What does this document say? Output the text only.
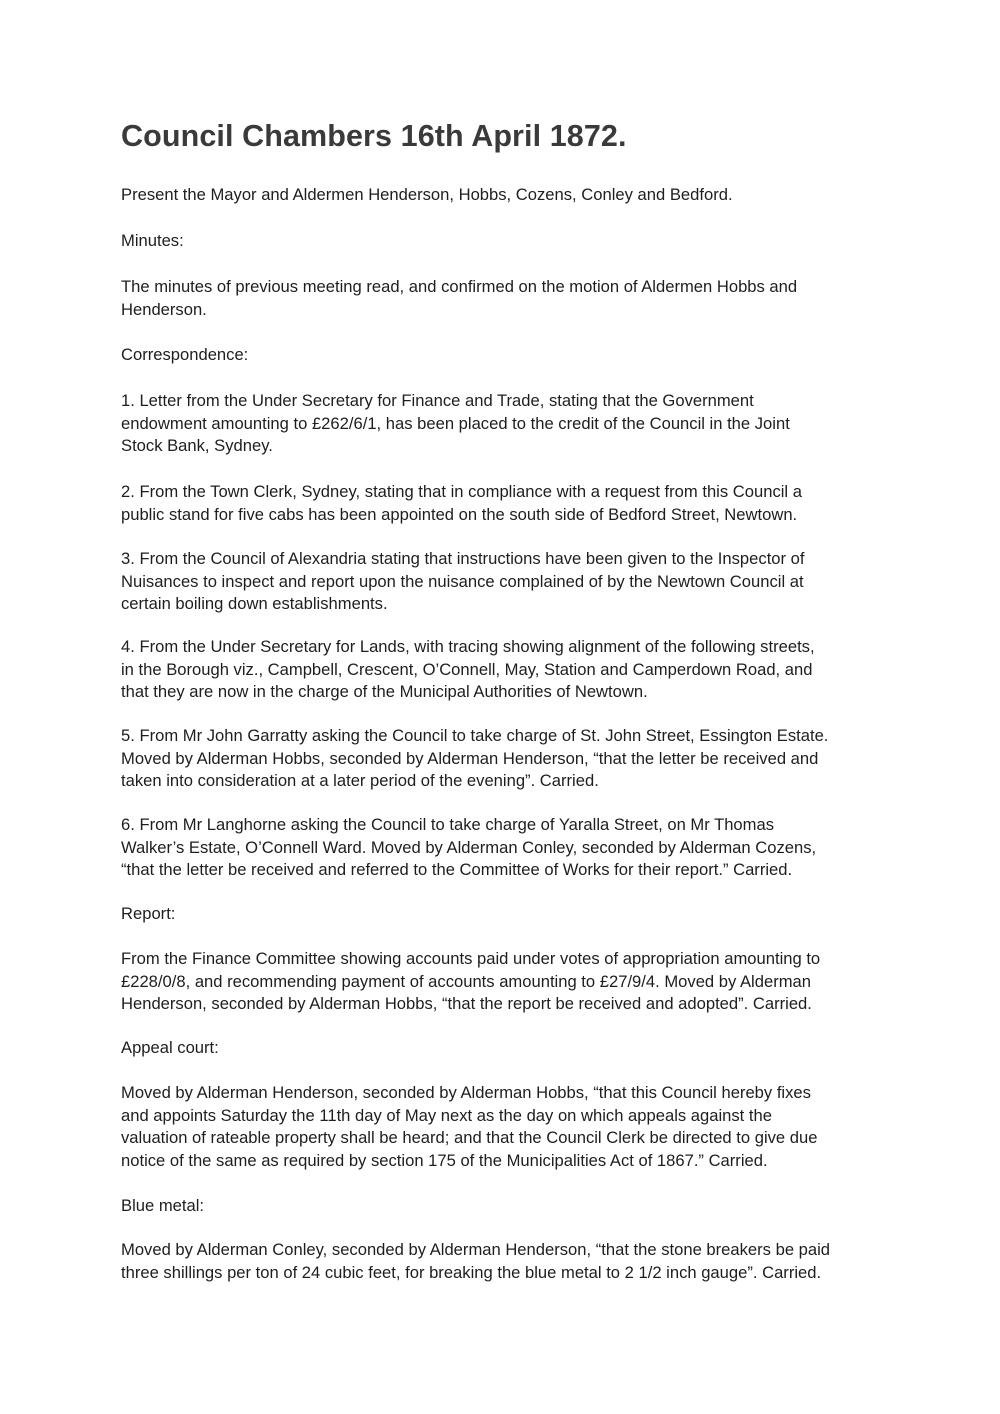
Council Chambers 16th April 1872.

Present the Mayor and Aldermen Henderson, Hobbs, Cozens, Conley and Bedford.

Minutes:

The minutes of previous meeting read, and confirmed on the motion of Aldermen Hobbs and
Henderson.

Correspondence:

1. Letter from the Under Secretary for Finance and Trade, stating that the Government
endowment amounting to £262/6/1, has been placed to the credit of the Council in the Joint
Stock Bank, Sydney.

2. From the Town Clerk, Sydney, stating that in compliance with a request from this Council a
public stand for five cabs has been appointed on the south side of Bedford Street, Newtown.

3. From the Council of Alexandria stating that instructions have been given to the Inspector of
Nuisances to inspect and report upon the nuisance complained of by the Newtown Council at
certain boiling down establishments.

4. From the Under Secretary for Lands, with tracing showing alignment of the following streets,
in the Borough viz., Campbell, Crescent, O’Connell, May, Station and Camperdown Road, and
that they are now in the charge of the Municipal Authorities of Newtown.

5. From Mr John Garratty asking the Council to take charge of St. John Street, Essington Estate.
Moved by Alderman Hobbs, seconded by Alderman Henderson, “that the letter be received and
taken into consideration at a later period of the evening”. Carried.

6. From Mr Langhorne asking the Council to take charge of Yaralla Street, on Mr Thomas
Walker’s Estate, O’Connell Ward. Moved by Alderman Conley, seconded by Alderman Cozens,
“that the letter be received and referred to the Committee of Works for their report.” Carried.

Report:

From the Finance Committee showing accounts paid under votes of appropriation amounting to
£228/0/8, and recommending payment of accounts amounting to £27/9/4. Moved by Alderman
Henderson, seconded by Alderman Hobbs, “that the report be received and adopted”. Carried.

Appeal court:

Moved by Alderman Henderson, seconded by Alderman Hobbs, “that this Council hereby fixes
and appoints Saturday the 11th day of May next as the day on which appeals against the
valuation of rateable property shall be heard; and that the Council Clerk be directed to give due
notice of the same as required by section 175 of the Municipalities Act of 1867.” Carried.

Blue metal:

Moved by Alderman Conley, seconded by Alderman Henderson, “that the stone breakers be paid
three shillings per ton of 24 cubic feet, for breaking the blue metal to 2 1/2 inch gauge”. Carried.
